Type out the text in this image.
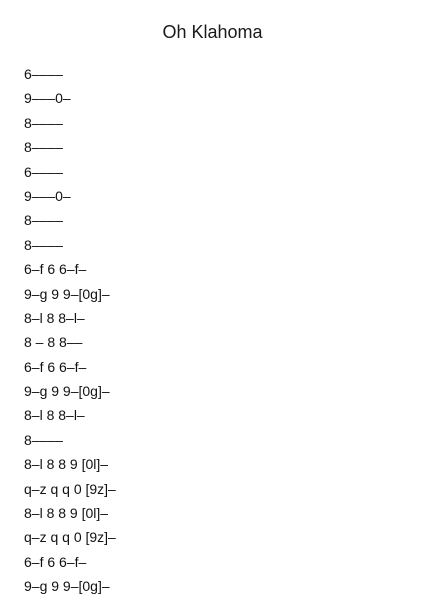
Oh Klahoma
6––––
9–––0–
8––––
8––––
6––––
9–––0–
8––––
8––––
6–f 6 6–f–
9–g 9 9–[0g]–
8–l 8 8–l–
8 – 8 8––
6–f 6 6–f–
9–g 9 9–[0g]–
8–l 8 8–l–
8––––
8–l 8 8 9 [0l]–
q–z q q 0 [9z]–
8–l 8 8 9 [0l]–
q–z q q 0 [9z]–
6–f 6 6–f–
9–g 9 9–[0g]–
